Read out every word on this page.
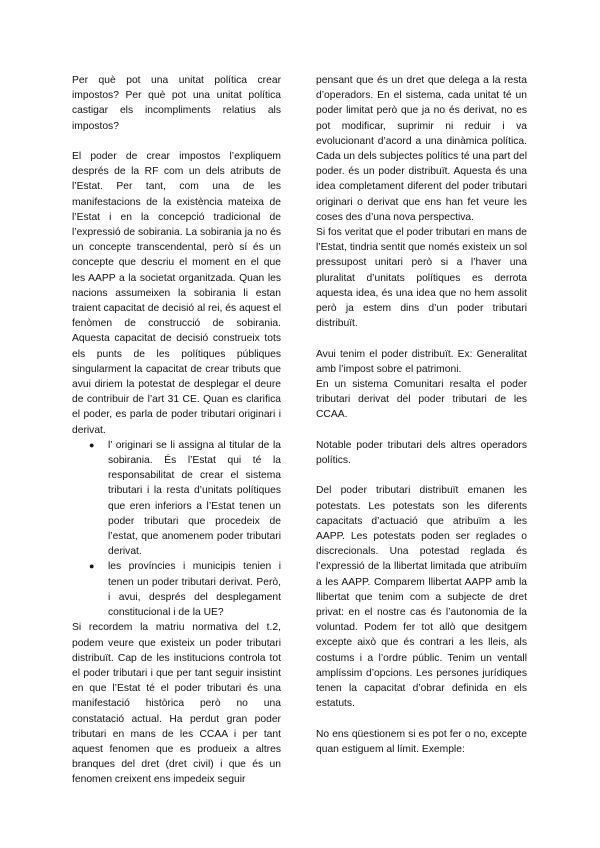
Per què pot una unitat política crear impostos? Per què pot una unitat política castigar els incompliments relatius als impostos?

El poder de crear impostos l’expliquem després de la RF com un dels atributs de l’Estat. Per tant, com una de les manifestacions de la existència mateixa de l’Estat i en la concepció tradicional de l’expressió de sobirania. La sobirania ja no és un concepte transcendental, però sí és un concepte que descriu el moment en el que les AAPP a la societat organitzada. Quan les nacions assumeixen la sobirania li estan traient capacitat de decisió al rei, és aquest el fenòmen de construcció de sobirania. Aquesta capacitat de decisió construeix tots els punts de les polítiques públiques singularment la capacitat de crear tributs que avui diriem la potestat de desplegar el deure de contribuir de l’art 31 CE. Quan es clarifica el poder, es parla de poder tributari originari i derivat.

● l’ originari se li assigna al titular de la sobirania. És l’Estat qui té la responsabilitat de crear el sistema tributari i la resta d’unitats polítiques que eren inferiors a l’Estat tenen un poder tributari que procedeix de l’estat, que anomenem poder tributari derivat.
● les províncies i municipis tenien i tenen un poder tributari derivat. Però, i avui, després del desplegament constitucional i de la UE?

Si recordem la matriu normativa del t.2, podem veure que existeix un poder tributari distribuït. Cap de les institucions controla tot el poder tributari i que per tant seguir insistint en que l’Estat té el poder tributari és una manifestació històrica però no una constatació actual. Ha perdut gran poder tributari en mans de les CCAA i per tant aquest fenomen que es produeix a altres branques del dret (dret civil) i que és un fenomen creixent ens impedeix seguir

pensant que és un dret que delega a la resta d’operadors. En el sistema, cada unitat té un poder limitat però que ja no és derivat, no es pot modificar, suprimir ni reduir i va evolucionant d’acord a una dinàmica política. Cada un dels subjectes polítics té una part del poder. és un poder distribuït. Aquesta és una idea completament diferent del poder tributari originari o derivat que ens han fet veure les coses des d’una nova perspectiva.

Si fos veritat que el poder tributari en mans de l’Estat, tindria sentit que només existeix un sol pressupost unitari però si a l’haver una pluralitat d’unitats polítiques es derrota aquesta idea, és una idea que no hem assolit però ja estem dins d’un poder tributari distribuït.

Avui tenim el poder distribuït. Ex: Generalitat amb l’impost sobre el patrimoni.

En un sistema Comunitari resalta el poder tributari derivat del poder tributari de les CCAA.

Notable poder tributari dels altres operadors polítics.

Del poder tributari distribuït emanen les potestats. Les potestats son les diferents capacitats d’actuació que atribuïm a les AAPP. Les potestats poden ser reglades o discrecionals. Una potestad reglada és l’expressió de la llibertat limitada que atribuïm a les AAPP. Comparem llibertat AAPP amb la llibertat que tenim com a subjecte de dret privat: en el nostre cas és l’autonomia de la voluntad. Podem fer tot allò que desitgem excepte això que és contrari a les lleis, als costums i a l’ordre públic. Tenim un ventall amplíssim d’opcions. Les persones jurídiques tenen la capacitat d’obrar definida en els estatuts.

No ens qüestionem si es pot fer o no, excepte quan estiguem al límit. Exemple:
